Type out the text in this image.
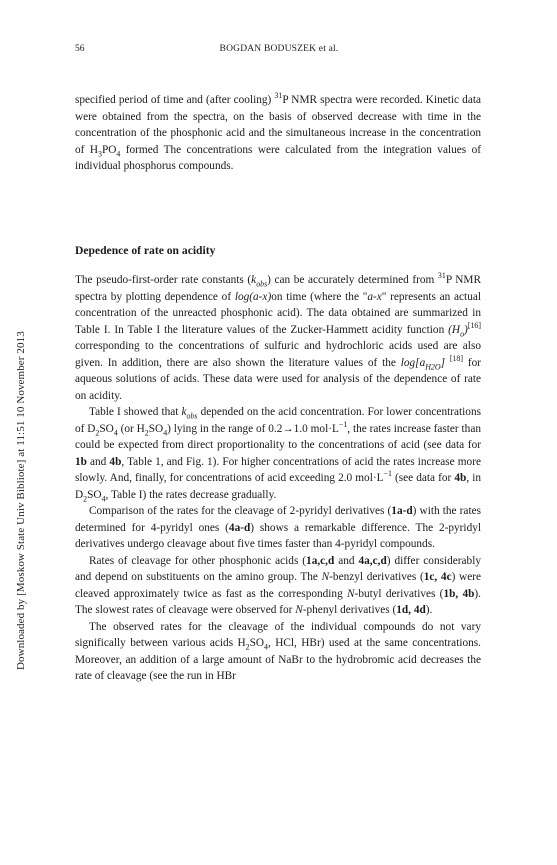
Downloaded by [Moskow State Univ Bibliote] at 11:51 10 November 2013
56	BOGDAN BODUSZEK et al.

specified period of time and (after cooling) $^{31}$P NMR spectra were recorded. Kinetic data were obtained from the spectra, on the basis of observed decrease with time in the concentration of the phosphonic acid and the simultaneous increase in the concentration of $H_3PO_4$ formed The concentrations were calculated from the integration values of individual phosphorus compounds.

Depedence of rate on acidity

The pseudo-first-order rate constants $(k_{obs})$ can be accurately determined from $^{31}$P NMR spectra by plotting dependence of log(a-x)on time (where the "a-x" represents an actual concentration of the unreacted phosphonic acid). The data obtained are summarized in Table I. In Table I the literature values of the Zucker-Hammett acidity function $(H_o)[16]$ corresponding to the concentrations of sulfuric and hydrochloric acids used are also given. In addition, there are also shown the literature values of the $\log[a_{H2O}]$ [18] for aqueous solutions of acids. These data were used for analysis of the dependence of rate on acidity.

Table I showed that $k_{obs}$ depended on the acid concentration. For lower concentrations of $D_2SO_4$ (or $H_2SO_4$) lying in the range of 0.2→1.0 $mol\cdot L^{-1}$, the rates increase faster than could be expected from direct proportionality to the concentrations of acid (see data for 1b and 4b, Table 1, and Fig. 1). For higher concentrations of acid the rates increase more slowly. And, finally, for concentrations of acid exceeding 2.0 $mol\cdot L^{-1}$ (see data for 4b, in $D_2SO_4$, Table I) the rates decrease gradually.

Comparison of the rates for the cleavage of 2-pyridyl derivatives (1a-d) with the rates determined for 4-pyridyl ones (4a-d) shows a remarkable difference. The 2-pyridyl derivatives undergo cleavage about five times faster than 4-pyridyl compounds.

Rates of cleavage for other phosphonic acids (1a,c,d and 4a,c,d) differ considerably and depend on substituents on the amino group. The N-benzyl derivatives (1c, 4c) were cleaved approximately twice as fast as the corresponding N-butyl derivatives (1b, 4b). The slowest rates of cleavage were observed for N-phenyl derivatives (1d, 4d).

The observed rates for the cleavage of the individual compounds do not vary significally between various acids $H_2SO_4$, HCl, HBr) used at the same concentrations. Moreover, an addition of a large amount of NaBr to the hydrobromic acid decreases the rate of cleavage (see the run in HBr
